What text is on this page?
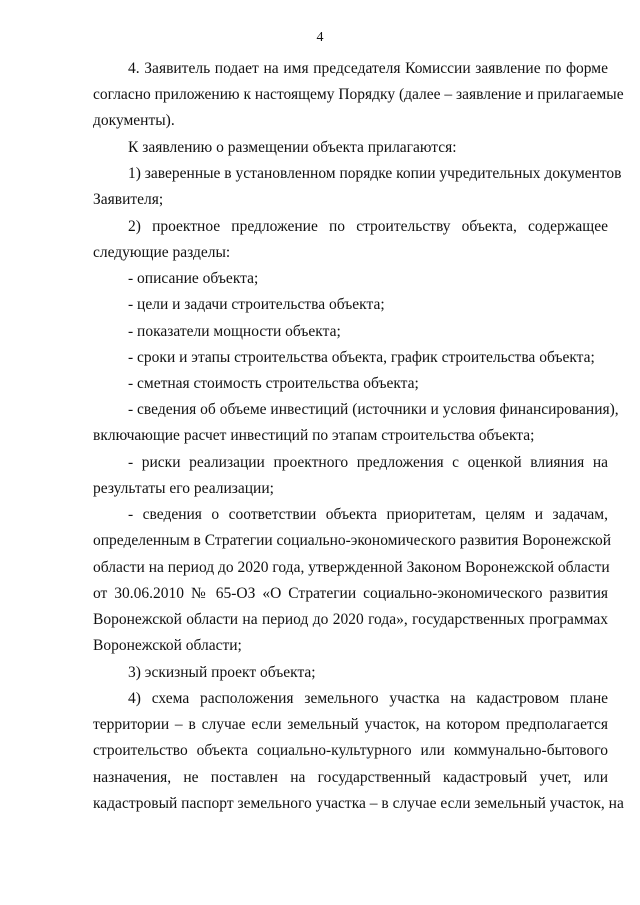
4
4. Заявитель подает на имя председателя Комиссии заявление по форме
согласно приложению к настоящему Порядку (далее – заявление и прилагаемые
документы).
К заявлению о размещении объекта прилагаются:
1) заверенные в установленном порядке копии учредительных документов
Заявителя;
2) проектное предложение по строительству объекта, содержащее
следующие разделы:
- описание объекта;
- цели и задачи строительства объекта;
- показатели мощности объекта;
- сроки и этапы строительства объекта, график строительства объекта;
- сметная стоимость строительства объекта;
- сведения об объеме инвестиций (источники и условия финансирования),
включающие расчет инвестиций по этапам строительства объекта;
- риски реализации проектного предложения с оценкой влияния на
результаты его реализации;
- сведения о соответствии объекта приоритетам, целям и задачам,
определенным в Стратегии социально-экономического развития Воронежской
области на период до 2020 года, утвержденной Законом Воронежской области
от 30.06.2010 № 65-ОЗ «О Стратегии социально-экономического развития
Воронежской области на период до 2020 года», государственных программах
Воронежской области;
3) эскизный проект объекта;
4) схема расположения земельного участка на кадастровом плане
территории – в случае если земельный участок, на котором предполагается
строительство объекта социально-культурного или коммунально-бытового
назначения, не поставлен на государственный кадастровый учет, или
кадастровый паспорт земельного участка – в случае если земельный участок, на
